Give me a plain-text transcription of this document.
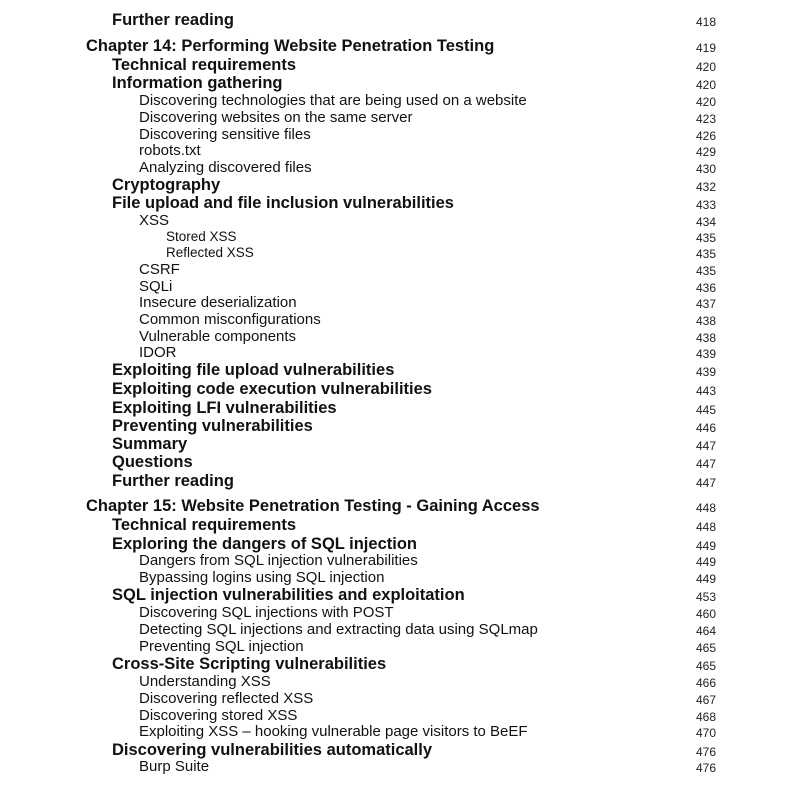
Further reading	418
Chapter 14: Performing Website Penetration Testing	419
Technical requirements	420
Information gathering	420
Discovering technologies that are being used on a website	420
Discovering websites on the same server	423
Discovering sensitive files	426
robots.txt	429
Analyzing discovered files	430
Cryptography	432
File upload and file inclusion vulnerabilities	433
XSS	434
Stored XSS	435
Reflected XSS	435
CSRF	435
SQLi	436
Insecure deserialization	437
Common misconfigurations	438
Vulnerable components	438
IDOR	439
Exploiting file upload vulnerabilities	439
Exploiting code execution vulnerabilities	443
Exploiting LFI vulnerabilities	445
Preventing vulnerabilities	446
Summary	447
Questions	447
Further reading	447
Chapter 15: Website Penetration Testing - Gaining Access	448
Technical requirements	448
Exploring the dangers of SQL injection	449
Dangers from SQL injection vulnerabilities	449
Bypassing logins using SQL injection	449
SQL injection vulnerabilities and exploitation	453
Discovering SQL injections with POST	460
Detecting SQL injections and extracting data using SQLmap	464
Preventing SQL injection	465
Cross-Site Scripting vulnerabilities	465
Understanding XSS	466
Discovering reflected XSS	467
Discovering stored XSS	468
Exploiting XSS – hooking vulnerable page visitors to BeEF	470
Discovering vulnerabilities automatically	476
Burp Suite	476
